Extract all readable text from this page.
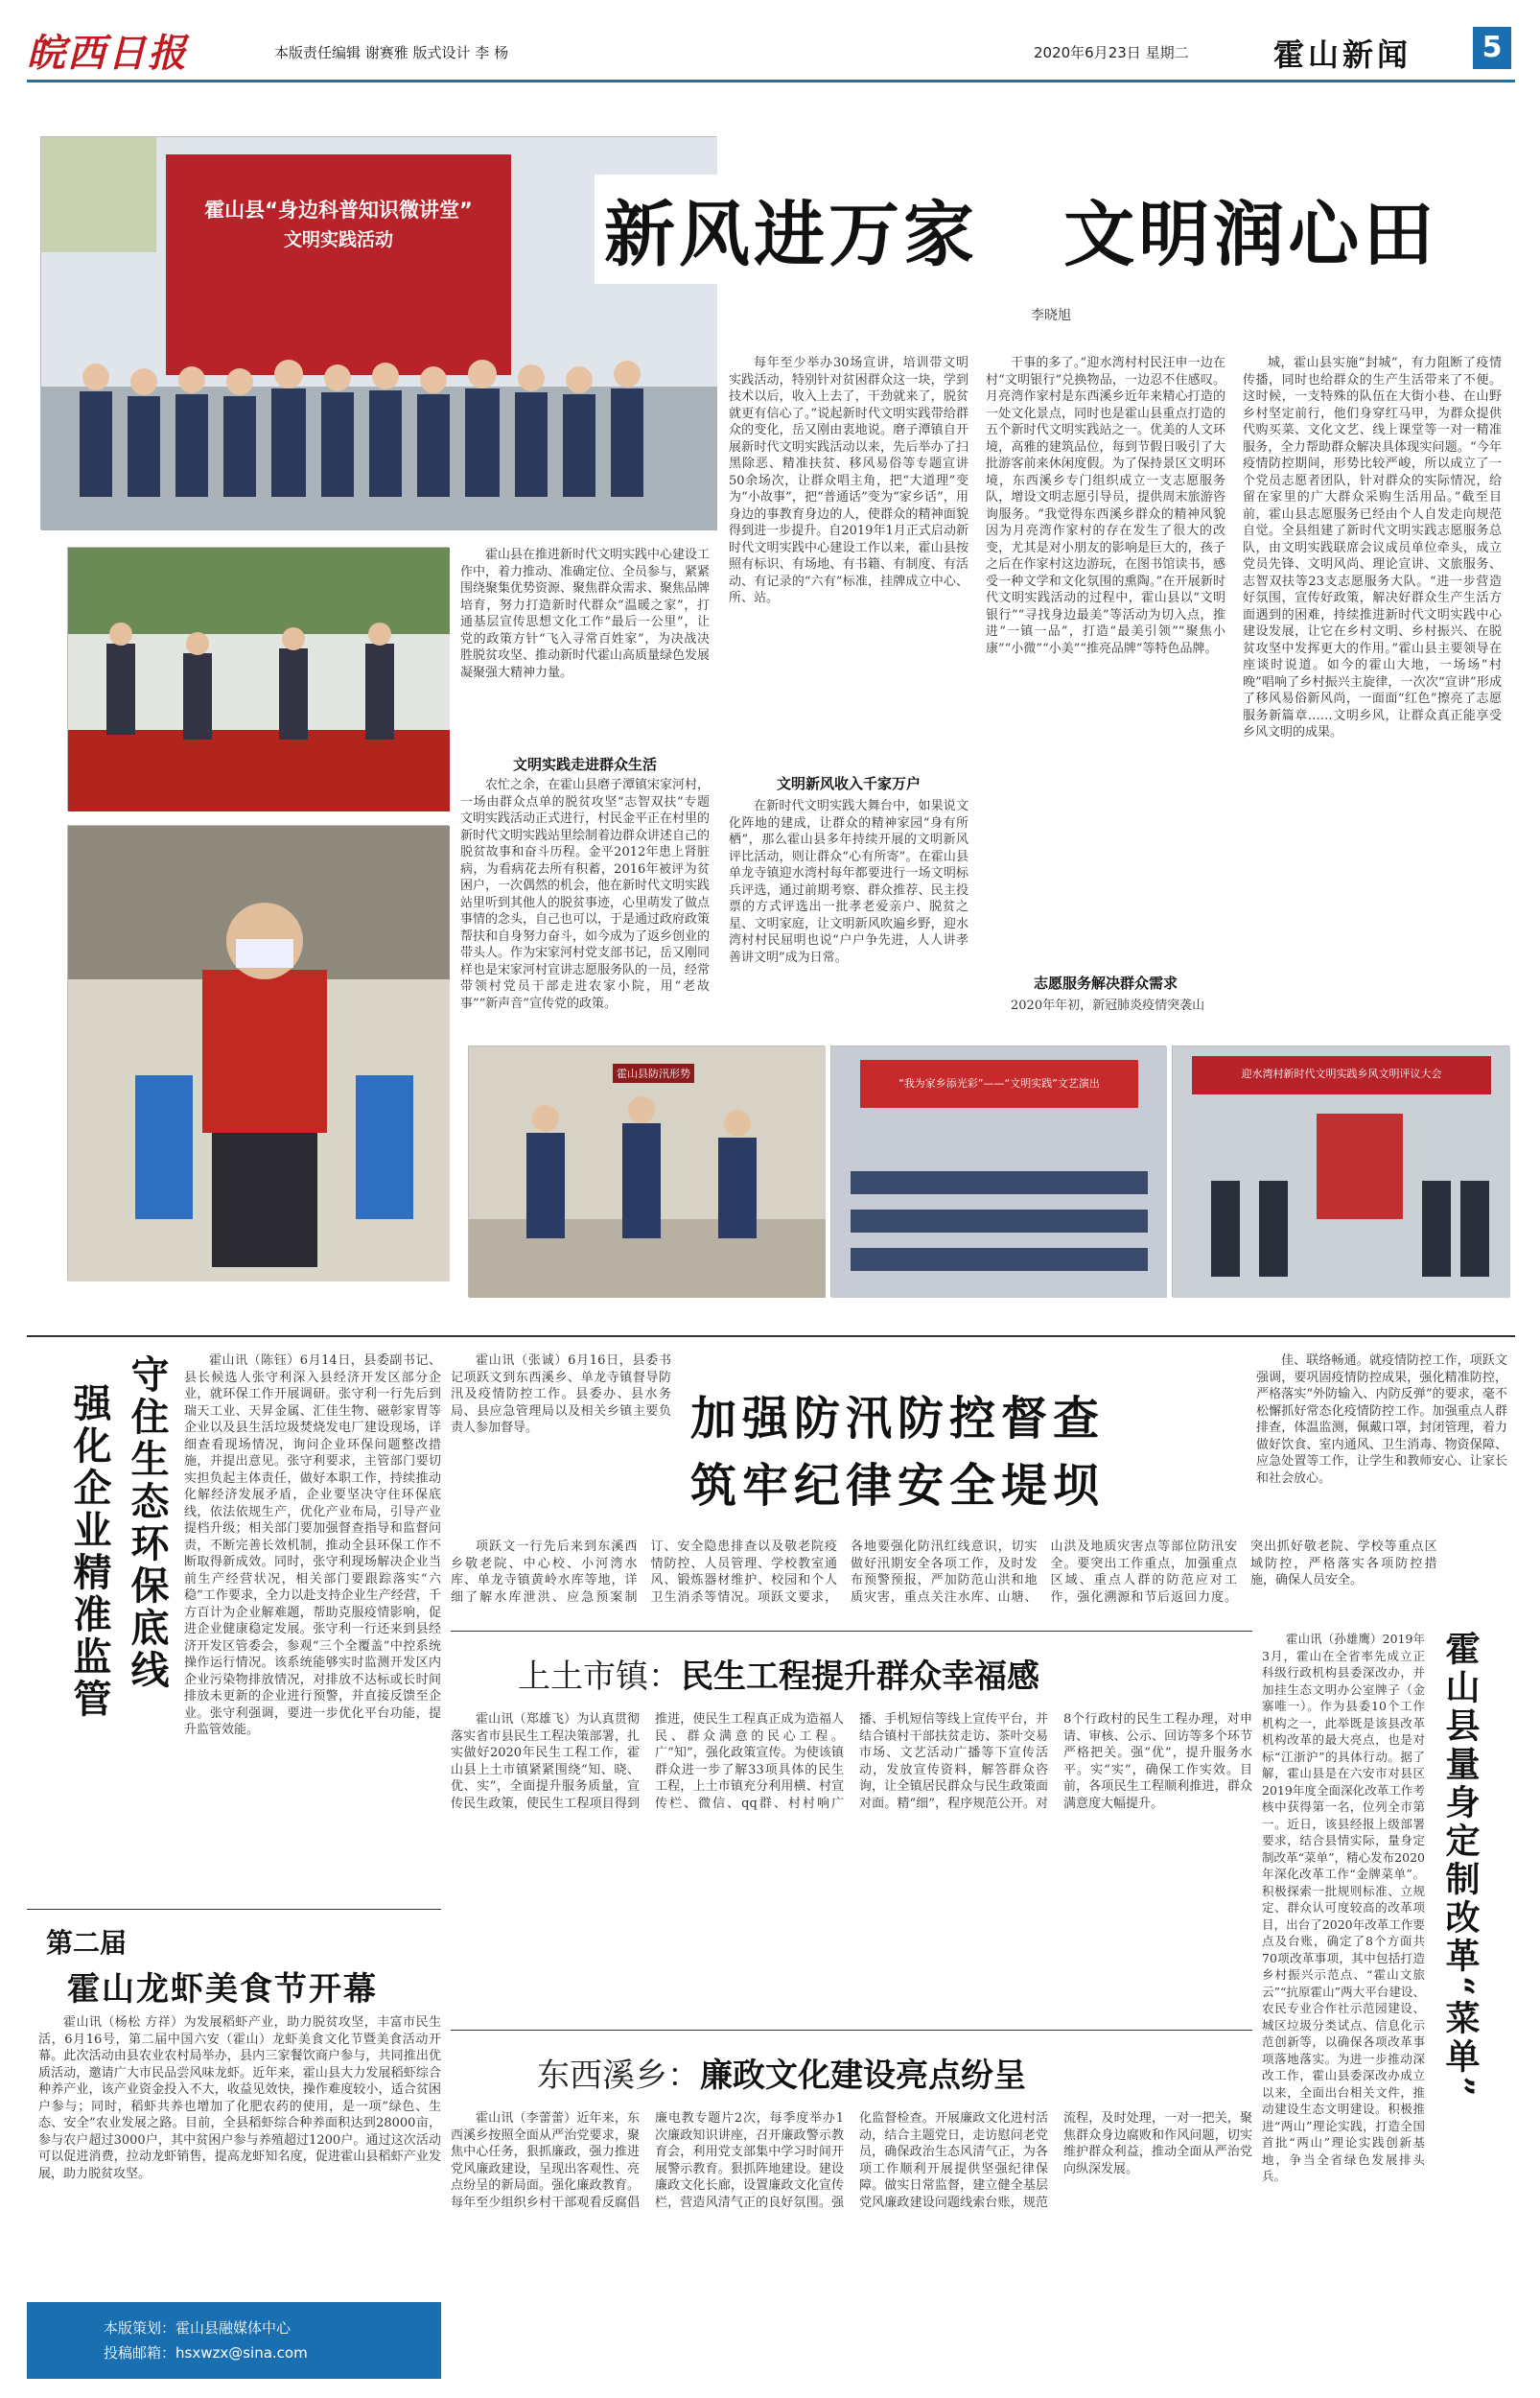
皖西日报	本版责任编辑 谢赛雅 版式设计 李 杨	2020年6月23日 星期二	霍山新闻	5
霍山县“身边科普知识微讲堂”
文明实践活动	新风进万家   文明润心田
李晓旭

霍山县在推进新时代文明实践中心建设工作中，着力推动、准确定位、全员参与，紧紧围绕聚集优势资源、聚焦群众需求、聚焦品牌培育，努力打造新时代群众“温暖之家”，打通基层宣传思想文化工作“最后一公里”，让党的政策方针“飞入寻常百姓家”，为决战决胜脱贫攻坚、推动新时代霍山高质量绿色发展凝聚强大精神力量。

文明实践走进群众生活

农忙之余，在霍山县磨子潭镇宋家河村，一场由群众点单的脱贫攻坚“志智双扶”专题文明实践活动正式进行，村民金平正在村里的新时代文明实践站里绘制着边群众讲述自己的脱贫故事和奋斗历程。金平2012年患上肾脏病，为看病花去所有积蓄，2016年被评为贫困户，一次偶然的机会，他在新时代文明实践站里听到其他人的脱贫事迹，心里萌发了做点事情的念头，自己也可以，于是通过政府政策帮扶和自身努力奋斗，如今成为了返乡创业的带头人。作为宋家河村党支部书记，岳又刚同样也是宋家河村宣讲志愿服务队的一员，经常带领村党员干部走进农家小院，用“老故事”“新声音”宣传党的政策。

每年至少举办30场宣讲，培训带文明实践活动，特别针对贫困群众这一块，学到技术以后，收入上去了，干劲就来了，脱贫就更有信心了。”说起新时代文明实践带给群众的变化，岳又刚由衷地说。磨子潭镇自开展新时代文明实践活动以来，先后举办了扫黑除恶、精准扶贫、移风易俗等专题宣讲50余场次，让群众唱主角，把“大道理”变为“小故事”，把“普通话”变为“家乡话”，用身边的事教育身边的人，使群众的精神面貌得到进一步提升。自2019年1月正式启动新时代文明实践中心建设工作以来，霍山县按照有标识、有场地、有书籍、有制度、有活动、有记录的“六有”标准，挂牌成立中心、所、站。

文明新风收入千家万户

在新时代文明实践大舞台中，如果说文化阵地的建成，让群众的精神家园“身有所栖”，那么霍山县多年持续开展的文明新风评比活动，则让群众“心有所寄”。在霍山县单龙寺镇迎水湾村每年都要进行一场文明标兵评选，通过前期考察、群众推荐、民主投票的方式评选出一批孝老爱亲户、脱贫之星、文明家庭，让文明新风吹遍乡野，迎水湾村村民屈明也说“户户争先进，人人讲孝善讲文明”成为日常。

干事的多了。”迎水湾村村民汪申一边在村“文明银行”兑换物品，一边忍不住感叹。月亮湾作家村是东西溪乡近年来精心打造的一处文化景点，同时也是霍山县重点打造的五个新时代文明实践站之一。优美的人文环境，高雅的建筑品位，每到节假日吸引了大批游客前来休闲度假。为了保持景区文明环境，东西溪乡专门组织成立一支志愿服务队，增设文明志愿引导员，提供周末旅游咨询服务。“我觉得东西溪乡群众的精神风貌因为月亮湾作家村的存在发生了很大的改变，尤其是对小朋友的影响是巨大的，孩子之后在作家村这边游玩，在图书馆读书，感受一种文学和文化氛围的熏陶。”在开展新时代文明实践活动的过程中，霍山县以“文明银行”“寻找身边最美”等活动为切入点，推进“一镇一品”，打造“最美引领”“聚焦小康”“小微”“小美”“推亮品牌”等特色品牌。

志愿服务解决群众需求

2020年年初，新冠肺炎疫情突袭山

城，霍山县实施“封城”，有力阻断了疫情传播，同时也给群众的生产生活带来了不便。这时候，一支特殊的队伍在大街小巷、在山野乡村坚定前行，他们身穿红马甲，为群众提供代购买菜、文化文艺、线上课堂等一对一精准服务，全力帮助群众解决具体现实问题。“今年疫情防控期间，形势比较严峻，所以成立了一个党员志愿者团队，针对群众的实际情况，给留在家里的广大群众采购生活用品。”截至目前，霍山县志愿服务已经由个人自发走向规范自觉。全县组建了新时代文明实践志愿服务总队，由文明实践联席会议成员单位牵头，成立党员先锋、文明风尚、理论宣讲、文旅服务、志智双扶等23支志愿服务大队。“进一步营造好氛围，宣传好政策，解决好群众生产生活方面遇到的困难，持续推进新时代文明实践中心建设发展，让它在乡村文明、乡村振兴、在脱贫攻坚中发挥更大的作用。”霍山县主要领导在座谈时说道。如今的霍山大地，一场场“村晚”唱响了乡村振兴主旋律，一次次“宣讲”形成了移风易俗新风尚，一面面“红色”擦亮了志愿服务新篇章……文明乡风，让群众真正能享受乡风文明的成果。

霍山县防汛形势
“我为家乡添光彩”——“文明实践”文艺演出
迎水湾村新时代文明实践乡风文明评议大会
守住生态环保底线
强化企业精准监管

霍山讯（陈钰）6月14日，县委副书记、县长候选人张守利深入县经济开发区部分企业，就环保工作开展调研。张守利一行先后到瑞天工业、天昇金属、汇佳生物、磁彰家胃等企业以及县生活垃圾焚烧发电厂建设现场，详细查看现场情况，询问企业环保问题整改措施，并提出意见。张守利要求，主管部门要切实担负起主体责任，做好本职工作，持续推动化解经济发展矛盾，企业要坚决守住环保底线，依法依规生产，优化产业布局，引导产业提档升级；相关部门要加强督查指导和监督问责，不断完善长效机制，推动全县环保工作不断取得新成效。同时，张守利现场解决企业当前生产经营状况，相关部门要跟踪落实“六稳”工作要求，全力以赴支持企业生产经营，千方百计为企业解难题，帮助克服疫情影响，促进企业健康稳定发展。张守利一行还来到县经济开发区管委会，参观“三个全覆盖”中控系统操作运行情况。该系统能够实时监测开发区内企业污染物排放情况，对排放不达标或长时间排放未更新的企业进行预警，并直接反馈至企业。张守利强调，要进一步优化平台功能，提升监管效能。

霍山讯（张诚）6月16日，县委书记项跃文到东西溪乡、单龙寺镇督导防汛及疫情防控工作。县委办、县水务局、县应急管理局以及相关乡镇主要负责人参加督导。	加强防汛防控督查
筑牢纪律安全堤坝

项跃文一行先后来到东溪西乡敬老院、中心校、小河湾水库、单龙寺镇黄岭水库等地，详细了解水库泄洪、应急预案制订、安全隐患排查以及敬老院疫情防控、人员管理、学校教室通风、锻炼器材维护、校园和个人卫生消杀等情况。项跃文要求，各地要强化防汛红线意识，切实做好汛期安全各项工作，及时发布预警预报，严加防范山洪和地质灾害，重点关注水库、山塘、山洪及地质灾害点等部位防汛安全。要突出工作重点，加强重点区域、重点人群的防范应对工作，强化溯源和节后返回力度。突出抓好敬老院、学校等重点区域防控，严格落实各项防控措施，确保人员安全。

佳、联络畅通。就疫情防控工作，项跃文强调，要巩固疫情防控成果，强化精准防控，严格落实“外防输入、内防反弹”的要求，毫不松懈抓好常态化疫情防控工作。加强重点人群排查，体温监测，佩戴口罩，封闭管理，着力做好饮食、室内通风、卫生消毒、物资保障、应急处置等工作，让学生和教师安心、让家长和社会放心。

上土市镇：民生工程提升群众幸福感

霍山讯（郑雄飞）为认真贯彻落实省市县民生工程决策部署，扎实做好2020年民生工程工作，霍山县上土市镇紧紧围绕“知、晓、优、实”，全面提升服务质量，宣传民生政策，使民生工程项目得到推进，使民生工程真正成为造福人民、群众满意的民心工程。广“知”，强化政策宣传。为使该镇群众进一步了解33项具体的民生工程，上土市镇充分利用横、村宣传栏、微信、qq群、村村响广播、手机短信等线上宣传平台，并结合镇村干部扶贫走访、茶叶交易市场、文艺活动广播等下宣传活动，发放宣传资料，解答群众咨询，让全镇居民群众与民生政策面对面。精“细”，程序规范公开。对8个行政村的民生工程办理，对申请、审核、公示、回访等多个环节严格把关。强“优”，提升服务水平。实“实”，确保工作实效。目前，各项民生工程顺利推进，群众满意度大幅提升。	霍山县量身定制改革“菜单”

霍山讯（孙雄鹰）2019年3月，霍山在全省率先成立正科级行政机构县委深改办，并加挂生态文明办公室牌子（金寨唯一）。作为县委10个工作机构之一，此举既是该县改革机构改革的最大亮点，也是对标“江浙沪”的具体行动。据了解，霍山县是在六安市对县区2019年度全面深化改革工作考核中获得第一名，位列全市第一。近日，该县经报上级部署要求，结合县情实际，量身定制改革“菜单”，精心发布2020年深化改革工作“金牌菜单”。积极探索一批规则标准、立规定、群众认可度较高的改革项目，出台了2020年改革工作要点及台账，确定了8个方面共70项改革事项，其中包括打造乡村振兴示范点、“霍山文旅云”“抗原霍山”两大平台建设、农民专业合作社示范园建设、城区垃圾分类试点、信息化示范创新等，以确保各项改革事项落地落实。为进一步推动深改工作，霍山县委深改办成立以来，全面出台相关文件，推动建设生态文明建设。积极推进“两山”理论实践，打造全国首批“两山”理论实践创新基地，争当全省绿色发展排头兵。

第二届
霍山龙虾美食节开幕

霍山讯（杨松 方祥）为发展稻虾产业，助力脱贫攻坚，丰富市民生活，6月16号，第二届中国六安（霍山）龙虾美食文化节暨美食活动开幕。此次活动由县农业农村局举办，县内三家餐饮商户参与，共同推出优质活动，邀请广大市民品尝风味龙虾。近年来，霍山县大力发展稻虾综合种养产业，该产业资金投入不大，收益见效快，操作难度较小，适合贫困户参与；同时，稻虾共养也增加了化肥农药的使用，是一项“绿色、生态、安全”农业发展之路。目前，全县稻虾综合种养面积达到28000亩，参与农户超过3000户，其中贫困户参与养殖超过1200户。通过这次活动可以促进消费，拉动龙虾销售，提高龙虾知名度，促进霍山县稻虾产业发展，助力脱贫攻坚。

东西溪乡：廉政文化建设亮点纷呈

霍山讯（李蕾蕾）近年来，东西溪乡按照全面从严治党要求，聚焦中心任务，狠抓廉政，强力推进党风廉政建设，呈现出客观性、亮点纷呈的新局面。强化廉政教育。每年至少组织乡村干部观看反腐倡廉电教专题片2次，每季度举办1次廉政知识讲座，召开廉政警示教育会，利用党支部集中学习时间开展警示教育。狠抓阵地建设。建设廉政文化长廊，设置廉政文化宣传栏，营造风清气正的良好氛围。强化监督检查。开展廉政文化进村活动，结合主题党日，走访慰问老党员，确保政治生态风清气正，为各项工作顺利开展提供坚强纪律保障。做实日常监督，建立健全基层党风廉政建设问题线索台账，规范流程，及时处理，一对一把关，聚焦群众身边腐败和作风问题，切实维护群众利益，推动全面从严治党向纵深发展。

本版策划：霍山县融媒体中心
投稿邮箱：hsxwzx@sina.com
